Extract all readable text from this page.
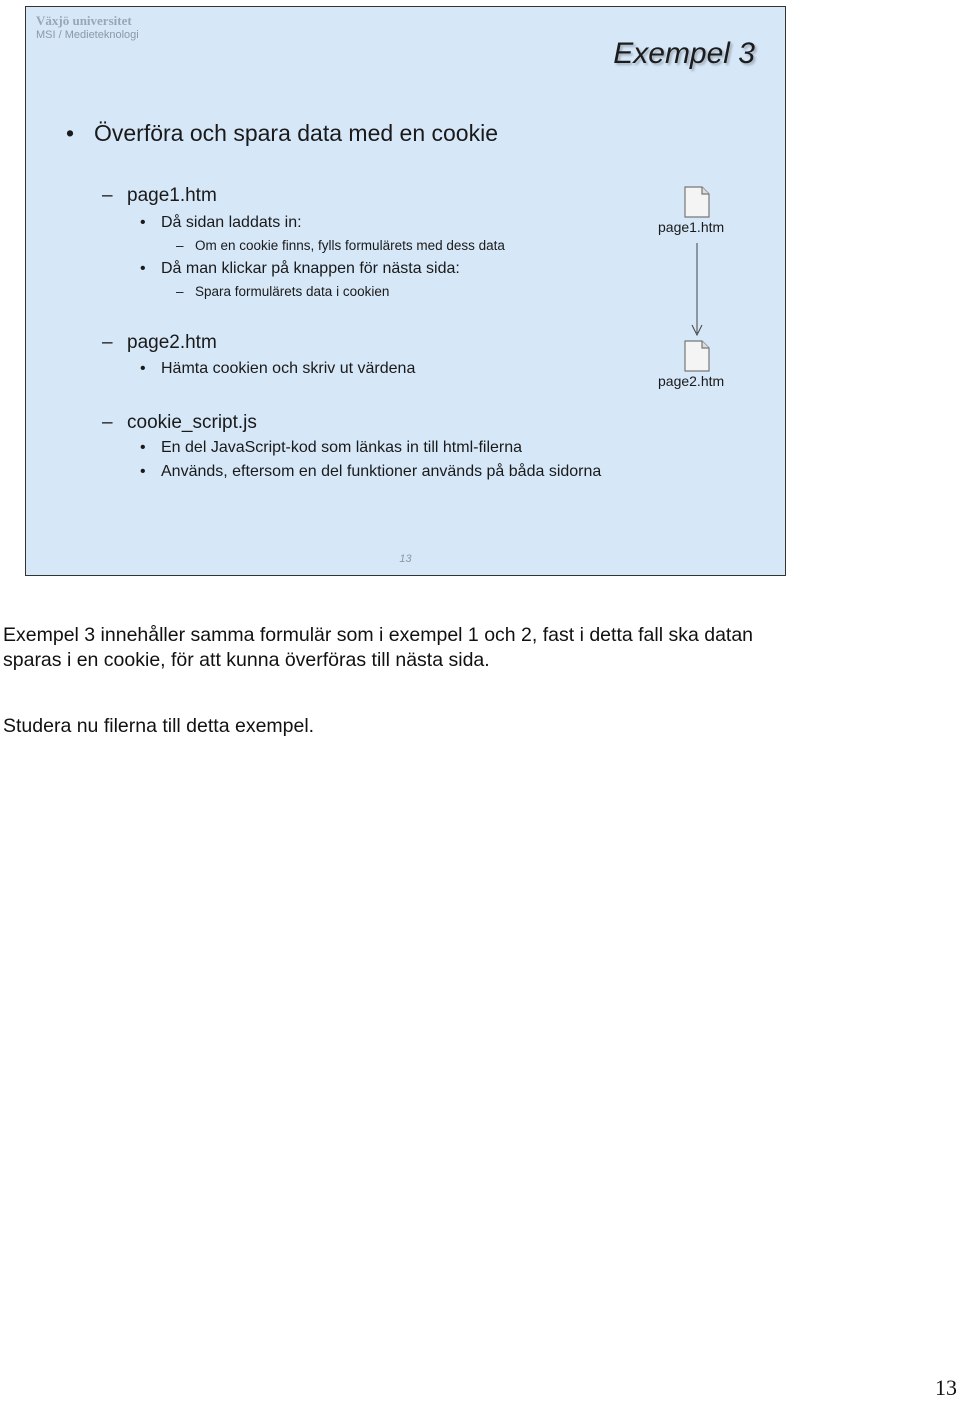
Växjö universitet
MSI / Medieteknologi
Exempel 3
• Överföra och spara data med en cookie
– page1.htm
• Då sidan laddats in:
– Om en cookie finns, fylls formulärets med dess data
• Då man klickar på knappen för nästa sida:
– Spara formulärets data i cookien
– page2.htm
• Hämta cookien och skriv ut värdena
– cookie_script.js
• En del JavaScript-kod som länkas in till html-filerna
• Används, eftersom en del funktioner används på båda sidorna
page1.htm
page2.htm
13
Exempel 3 innehåller samma formulär som i exempel 1 och 2, fast i detta fall ska datan
sparas i en cookie, för att kunna överföras till nästa sida.
Studera nu filerna till detta exempel.
13
